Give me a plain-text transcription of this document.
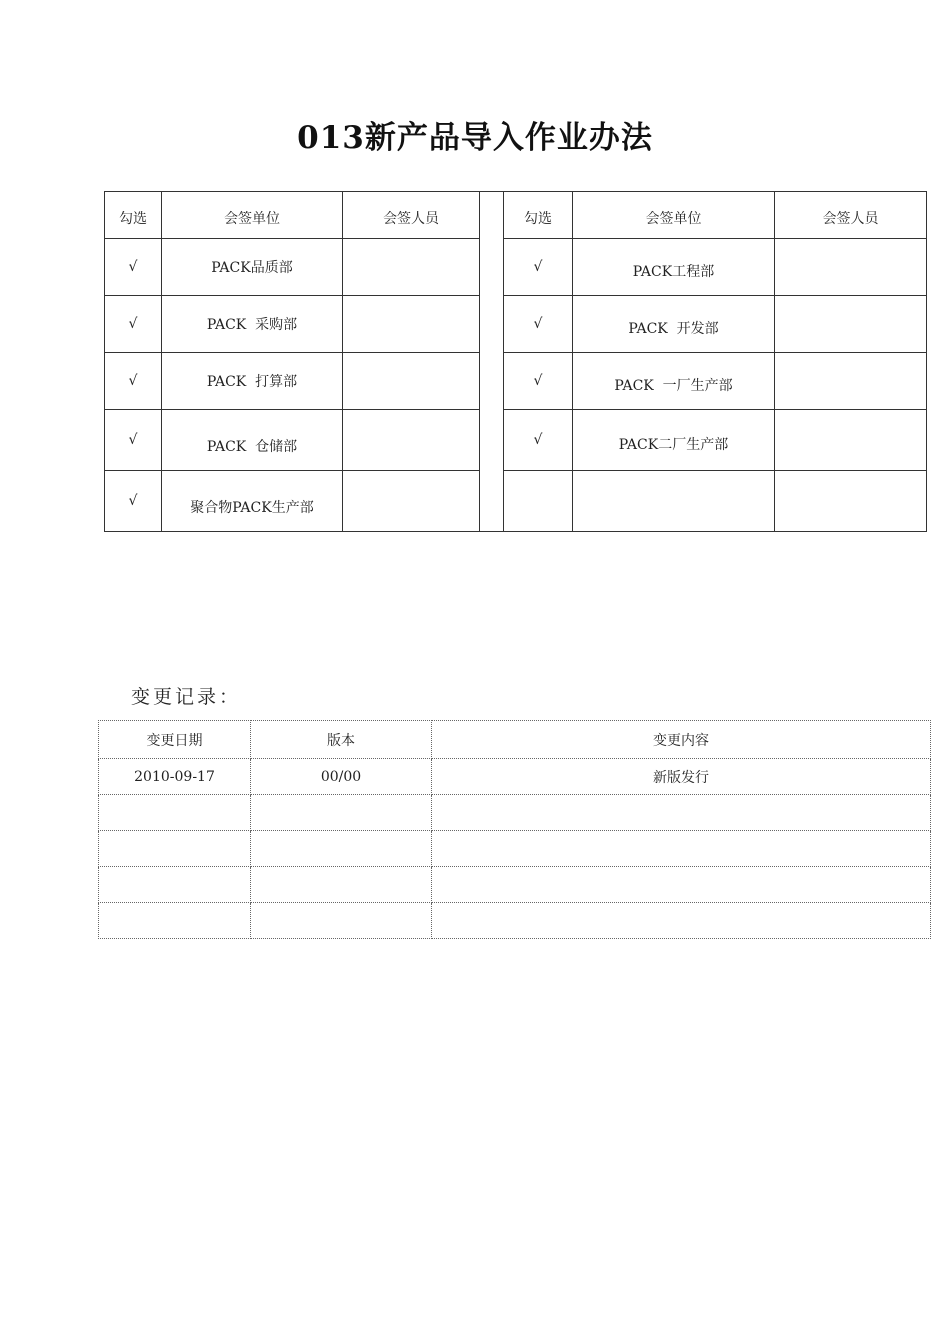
013新产品导入作业办法
勾选	会签单位	会签人员		勾选	会签单位	会签人员
√	PACK品质部			√	PACK工程部	
√	PACK  采购部			√	PACK  开发部	
√	PACK  打算部			√	PACK  一厂生产部	
√	PACK  仓储部			√	PACK二厂生产部	
√	聚合物PACK生产部					
变更记录：
变更日期	版本	变更内容
2010-09-17	00/00	新版发行
